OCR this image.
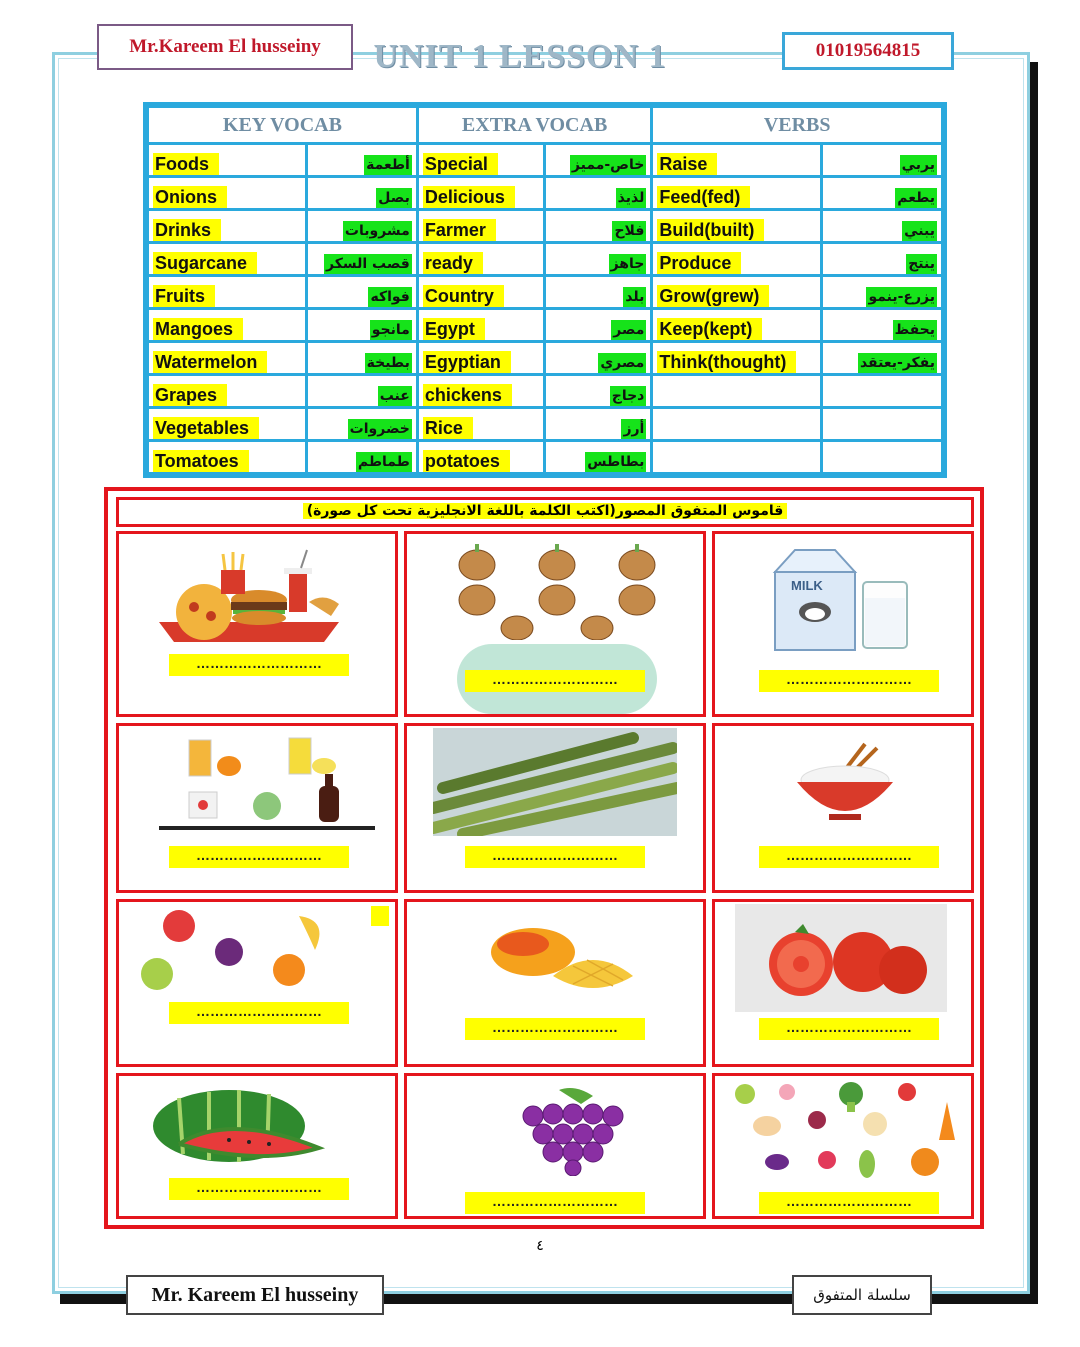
Mr.Kareem El husseiny	UNIT 1 LESSON 1	01019564815
KEY VOCAB		EXTRA VOCAB		VERBS	
Foods	أطعمة	Special	خاص-مميز	Raise	يربي
Onions	بصل	Delicious	لذيذ	Feed(fed)	يطعم
Drinks	مشروبات	Farmer	فلاح	Build(built)	يبني
Sugarcane	قصب السكر	ready	جاهز	Produce	ينتج
Fruits	فواكه	Country	بلد	Grow(grew)	يزرع-ينمو
Mangoes	مانجو	Egypt	مصر	Keep(kept)	يحفظ
Watermelon	بطيخة	Egyptian	مصري	Think(thought)	يفكر-يعتقد
Grapes	عنب	chickens	دجاج		
Vegetables	خضروات	Rice	أرز		
Tomatoes	طماطم	potatoes	بطاطس		
قاموس المتفوق المصور(اكتب الكلمة باللغة الانجليزية تحت كل صورة)
………………………
………………………
MILK
………………………
………………………	………………………	………………………
………………………
………………………	………………………
………………………
………………………	………………………
٤
Mr. Kareem El husseiny	سلسلة المتفوق
